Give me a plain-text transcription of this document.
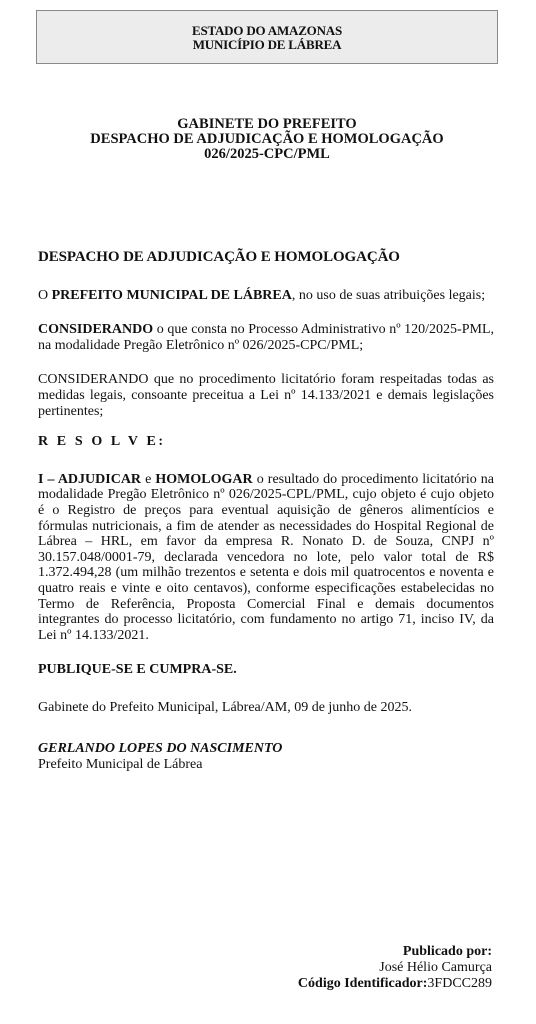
ESTADO DO AMAZONAS
MUNICÍPIO DE LÁBREA
GABINETE DO PREFEITO
DESPACHO DE ADJUDICAÇÃO E HOMOLOGAÇÃO
026/2025-CPC/PML
DESPACHO DE ADJUDICAÇÃO E HOMOLOGAÇÃO

O PREFEITO MUNICIPAL DE LÁBREA, no uso de suas atribuições legais;

CONSIDERANDO o que consta no Processo Administrativo nº 120/2025-PML, na modalidade Pregão Eletrônico nº 026/2025-CPC/PML;

CONSIDERANDO que no procedimento licitatório foram respeitadas todas as medidas legais, consoante preceitua a Lei nº 14.133/2021 e demais legislações pertinentes;

R E S O L V E:

I – ADJUDICAR e HOMOLOGAR o resultado do procedimento licitatório na modalidade Pregão Eletrônico nº 026/2025-CPL/PML, cujo objeto é cujo objeto é o Registro de preços para eventual aquisição de gêneros alimentícios e fórmulas nutricionais, a fim de atender as necessidades do Hospital Regional de Lábrea – HRL, em favor da empresa R. Nonato D. de Souza, CNPJ nº 30.157.048/0001-79, declarada vencedora no lote, pelo valor total de R$ 1.372.494,28 (um milhão trezentos e setenta e dois mil quatrocentos e noventa e quatro reais e vinte e oito centavos), conforme especificações estabelecidas no Termo de Referência, Proposta Comercial Final e demais documentos integrantes do processo licitatório, com fundamento no artigo 71, inciso IV, da Lei nº 14.133/2021.

PUBLIQUE-SE E CUMPRA-SE.

Gabinete do Prefeito Municipal, Lábrea/AM, 09 de junho de 2025.

GERLANDO LOPES DO NASCIMENTO
Prefeito Municipal de Lábrea
Publicado por:
José Hélio Camurça
Código Identificador:3FDCC289
